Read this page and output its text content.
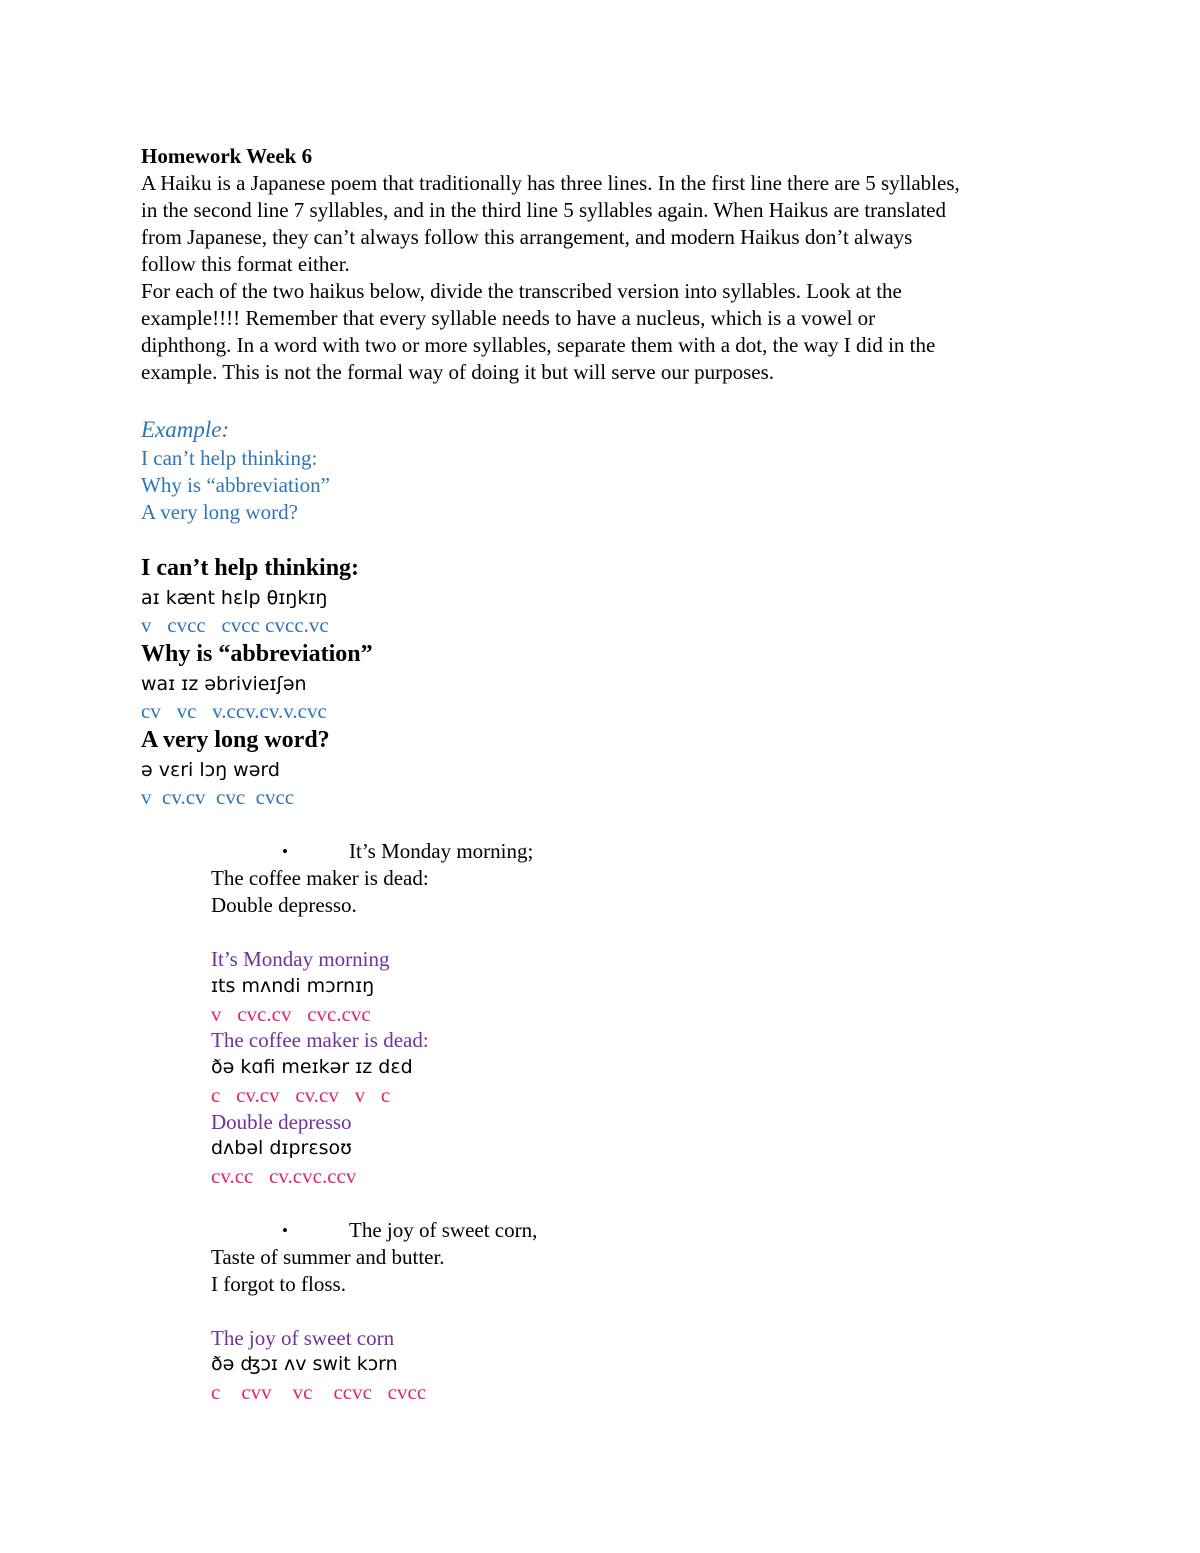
Homework Week 6
A Haiku is a Japanese poem that traditionally has three lines. In the first line there are 5 syllables,
in the second line 7 syllables, and in the third line 5 syllables again. When Haikus are translated
from Japanese, they can’t always follow this arrangement, and modern Haikus don’t always
follow this format either.
For each of the two haikus below, divide the transcribed version into syllables. Look at the
example!!!! Remember that every syllable needs to have a nucleus, which is a vowel or
diphthong. In a word with two or more syllables, separate them with a dot, the way I did in the
example. This is not the formal way of doing it but will serve our purposes.
Example:
I can’t help thinking:
Why is “abbreviation”
A very long word?
I can’t help thinking:
aɪ kænt hɛlp θɪŋkɪŋ
v   cvcc   cvcc cvcc.vc
Why is “abbreviation”
waɪ ɪz əbrivieɪʃən
cv   vc   v.ccv.cv.v.cvc
A very long word?
ə vɛri lɔŋ wərd
v  cv.cv  cvc  cvcc
•	It’s Monday morning;
The coffee maker is dead:
Double depresso.
It’s Monday morning
ɪts mʌndi mɔrnɪŋ
v   cvc.cv   cvc.cvc
The coffee maker is dead:
ðə kɑfi meɪkər ɪz dɛd
c   cv.cv   cv.cv   v   c
Double depresso
dʌbəl dɪprɛsoʊ
cv.cc   cv.cvc.ccv
•	The joy of sweet corn,
Taste of summer and butter.
I forgot to floss.
The joy of sweet corn
ðə ʤɔɪ ʌv swit kɔrn
c    cvv    vc    ccvc   cvcc
